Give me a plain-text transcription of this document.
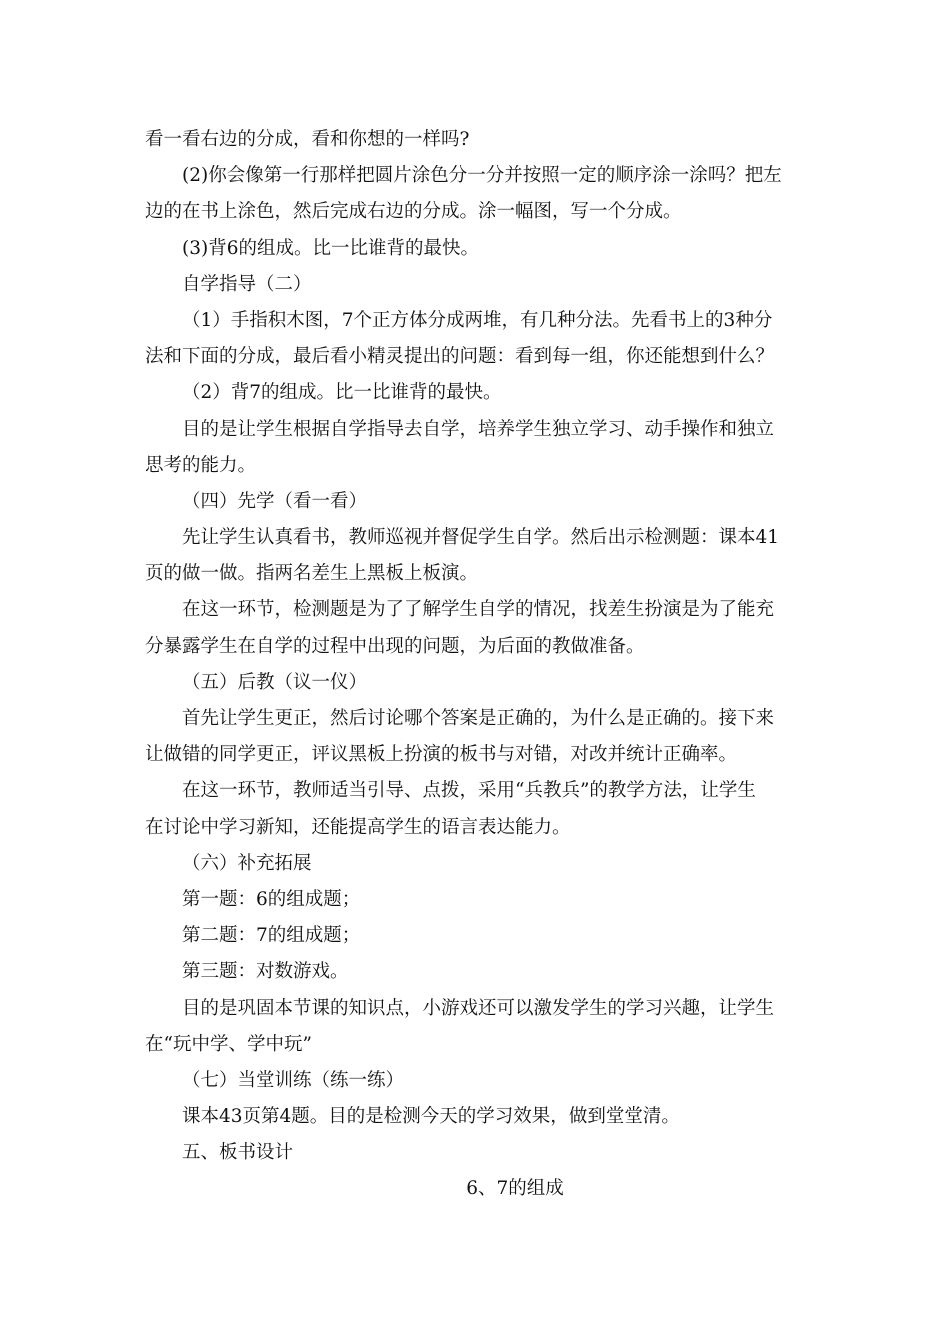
看一看右边的分成，看和你想的一样吗?
(2)你会像第一行那样把圆片涂色分一分并按照一定的顺序涂一涂吗？把左
边的在书上涂色，然后完成右边的分成。涂一幅图，写一个分成。
(3)背6的组成。比一比谁背的最快。
自学指导（二）
（1）手指积木图，7个正方体分成两堆，有几种分法。先看书上的3种分
法和下面的分成，最后看小精灵提出的问题：看到每一组，你还能想到什么？
（2）背7的组成。比一比谁背的最快。
目的是让学生根据自学指导去自学，培养学生独立学习、动手操作和独立
思考的能力。
（四）先学（看一看）
先让学生认真看书，教师巡视并督促学生自学。然后出示检测题：课本41
页的做一做。指两名差生上黑板上板演。
在这一环节，检测题是为了了解学生自学的情况，找差生扮演是为了能充
分暴露学生在自学的过程中出现的问题，为后面的教做准备。
（五）后教（议一仪）
首先让学生更正，然后讨论哪个答案是正确的，为什么是正确的。接下来
让做错的同学更正，评议黑板上扮演的板书与对错，对改并统计正确率。
在这一环节，教师适当引导、点拨，采用“兵教兵”的教学方法，让学生
在讨论中学习新知，还能提高学生的语言表达能力。
（六）补充拓展
第一题：6的组成题；
第二题：7的组成题；
第三题：对数游戏。
目的是巩固本节课的知识点，小游戏还可以激发学生的学习兴趣，让学生
在“玩中学、学中玩”
（七）当堂训练（练一练）
课本43页第4题。目的是检测今天的学习效果，做到堂堂清。
五、板书设计
6、7的组成
